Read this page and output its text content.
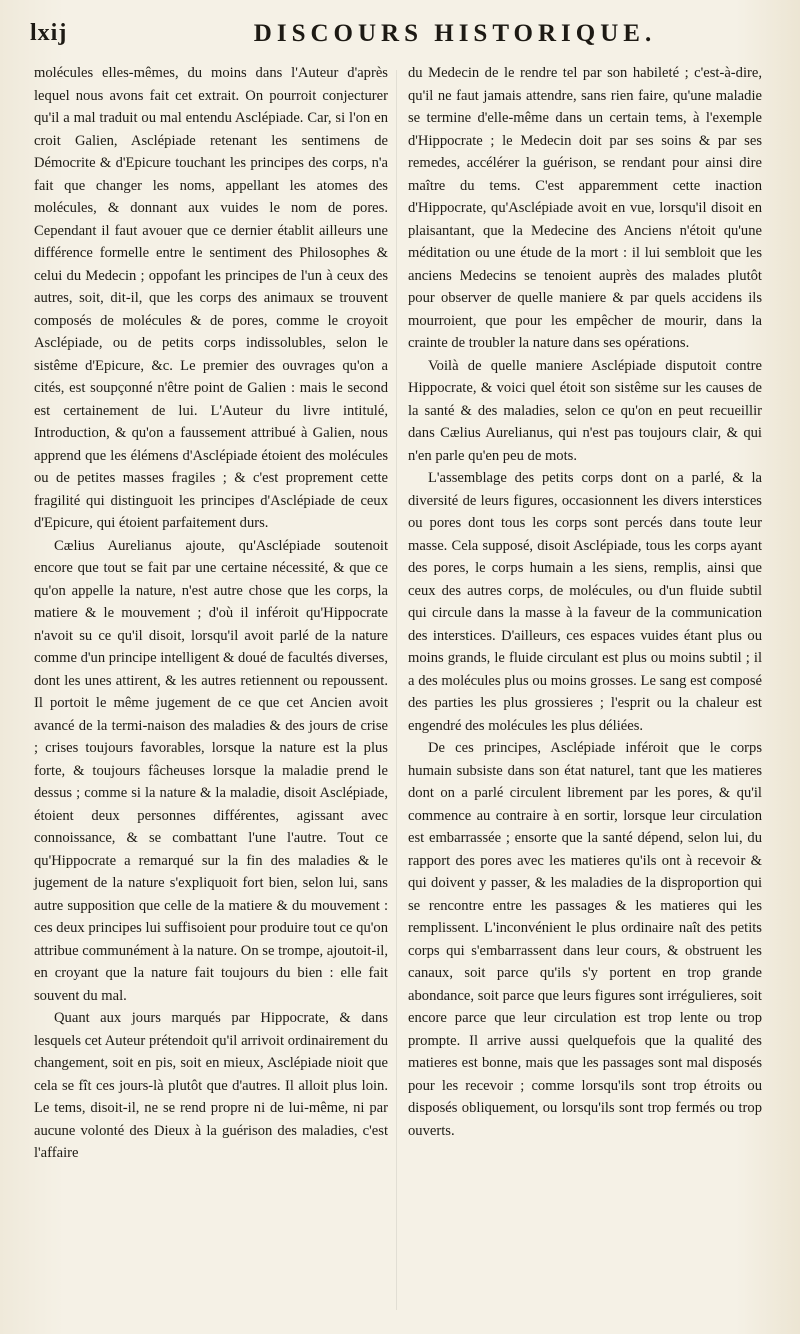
lxij	DISCOURS HISTORIQUE.

molécules elles-mêmes, du moins dans l'Auteur d'après lequel nous avons fait cet extrait. On pourroit conjecturer qu'il a mal traduit ou mal entendu Asclépiade. Car, si l'on en croit Galien, Asclépiade retenant les sentimens de Démocrite & d'Epicure touchant les principes des corps, n'a fait que changer les noms, appellant les atomes des molécules, & donnant aux vuides le nom de pores. Cependant il faut avouer que ce dernier établit ailleurs une différence formelle entre le sentiment des Philosophes & celui du Medecin ; oppofant les principes de l'un à ceux des autres, soit, dit-il, que les corps des animaux se trouvent composés de molécules & de pores, comme le croyoit Asclépiade, ou de petits corps indissolubles, selon le sistême d'Epicure, &c. Le premier des ouvrages qu'on a cités, est soupçonné n'être point de Galien : mais le second est certainement de lui. L'Auteur du livre intitulé, Introduction, & qu'on a faussement attribué à Galien, nous apprend que les élémens d'Asclépiade étoient des molécules ou de petites masses fragiles ; & c'est proprement cette fragilité qui distinguoit les principes d'Asclépiade de ceux d'Epicure, qui étoient parfaitement durs.

Cælius Aurelianus ajoute, qu'Asclépiade soutenoit encore que tout se fait par une certaine nécessité, & que ce qu'on appelle la nature, n'est autre chose que les corps, la matiere & le mouvement ; d'où il inféroit qu'Hippocrate n'avoit su ce qu'il disoit, lorsqu'il avoit parlé de la nature comme d'un principe intelligent & doué de facultés diverses, dont les unes attirent, & les autres retiennent ou repoussent. Il portoit le même jugement de ce que cet Ancien avoit avancé de la termi-naison des maladies & des jours de crise ; crises toujours favorables, lorsque la nature est la plus forte, & toujours fâcheuses lorsque la maladie prend le dessus ; comme si la nature & la maladie, disoit Asclépiade, étoient deux personnes différentes, agissant avec connoissance, & se combattant l'une l'autre. Tout ce qu'Hippocrate a remarqué sur la fin des maladies & le jugement de la nature s'expliquoit fort bien, selon lui, sans autre supposition que celle de la matiere & du mouvement : ces deux principes lui suffisoient pour produire tout ce qu'on attribue communément à la nature. On se trompe, ajoutoit-il, en croyant que la nature fait toujours du bien : elle fait souvent du mal.

Quant aux jours marqués par Hippocrate, & dans lesquels cet Auteur prétendoit qu'il arrivoit ordinairement du changement, soit en pis, soit en mieux, Asclépiade nioit que cela se fît ces jours-là plutôt que d'autres. Il alloit plus loin. Le tems, disoit-il, ne se rend propre ni de lui-même, ni par aucune volonté des Dieux à la guérison des maladies, c'est l'affaire

du Medecin de le rendre tel par son habileté ; c'est-à-dire, qu'il ne faut jamais attendre, sans rien faire, qu'une maladie se termine d'elle-même dans un certain tems, à l'exemple d'Hippocrate ; le Medecin doit par ses soins & par ses remedes, accélérer la guérison, se rendant pour ainsi dire maître du tems. C'est apparemment cette inaction d'Hippocrate, qu'Asclépiade avoit en vue, lorsqu'il disoit en plaisantant, que la Medecine des Anciens n'étoit qu'une méditation ou une étude de la mort : il lui sembloit que les anciens Medecins se tenoient auprès des malades plutôt pour observer de quelle maniere & par quels accidens ils mourroient, que pour les empêcher de mourir, dans la crainte de troubler la nature dans ses opérations.

Voilà de quelle maniere Asclépiade disputoit contre Hippocrate, & voici quel étoit son sistême sur les causes de la santé & des maladies, selon ce qu'on en peut recueillir dans Cælius Aurelianus, qui n'est pas toujours clair, & qui n'en parle qu'en peu de mots.

L'assemblage des petits corps dont on a parlé, & la diversité de leurs figures, occasionnent les divers interstices ou pores dont tous les corps sont percés dans toute leur masse. Cela supposé, disoit Asclépiade, tous les corps ayant des pores, le corps humain a les siens, remplis, ainsi que ceux des autres corps, de molécules, ou d'un fluide subtil qui circule dans la masse à la faveur de la communication des interstices. D'ailleurs, ces espaces vuides étant plus ou moins grands, le fluide circulant est plus ou moins subtil ; il a des molécules plus ou moins grosses. Le sang est composé des parties les plus grossieres ; l'esprit ou la chaleur est engendré des molécules les plus déliées.

De ces principes, Asclépiade inféroit que le corps humain subsiste dans son état naturel, tant que les matieres dont on a parlé circulent librement par les pores, & qu'il commence au contraire à en sortir, lorsque leur circulation est embarrassée ; ensorte que la santé dépend, selon lui, du rapport des pores avec les matieres qu'ils ont à recevoir & qui doivent y passer, & les maladies de la disproportion qui se rencontre entre les passages & les matieres qui les remplissent. L'inconvénient le plus ordinaire naît des petits corps qui s'embarrassent dans leur cours, & obstruent les canaux, soit parce qu'ils s'y portent en trop grande abondance, soit parce que leurs figures sont irrégulieres, soit encore parce que leur circulation est trop lente ou trop prompte. Il arrive aussi quelquefois que la qualité des matieres est bonne, mais que les passages sont mal disposés pour les recevoir ; comme lorsqu'ils sont trop étroits ou disposés obliquement, ou lorsqu'ils sont trop fermés ou trop ouverts.
